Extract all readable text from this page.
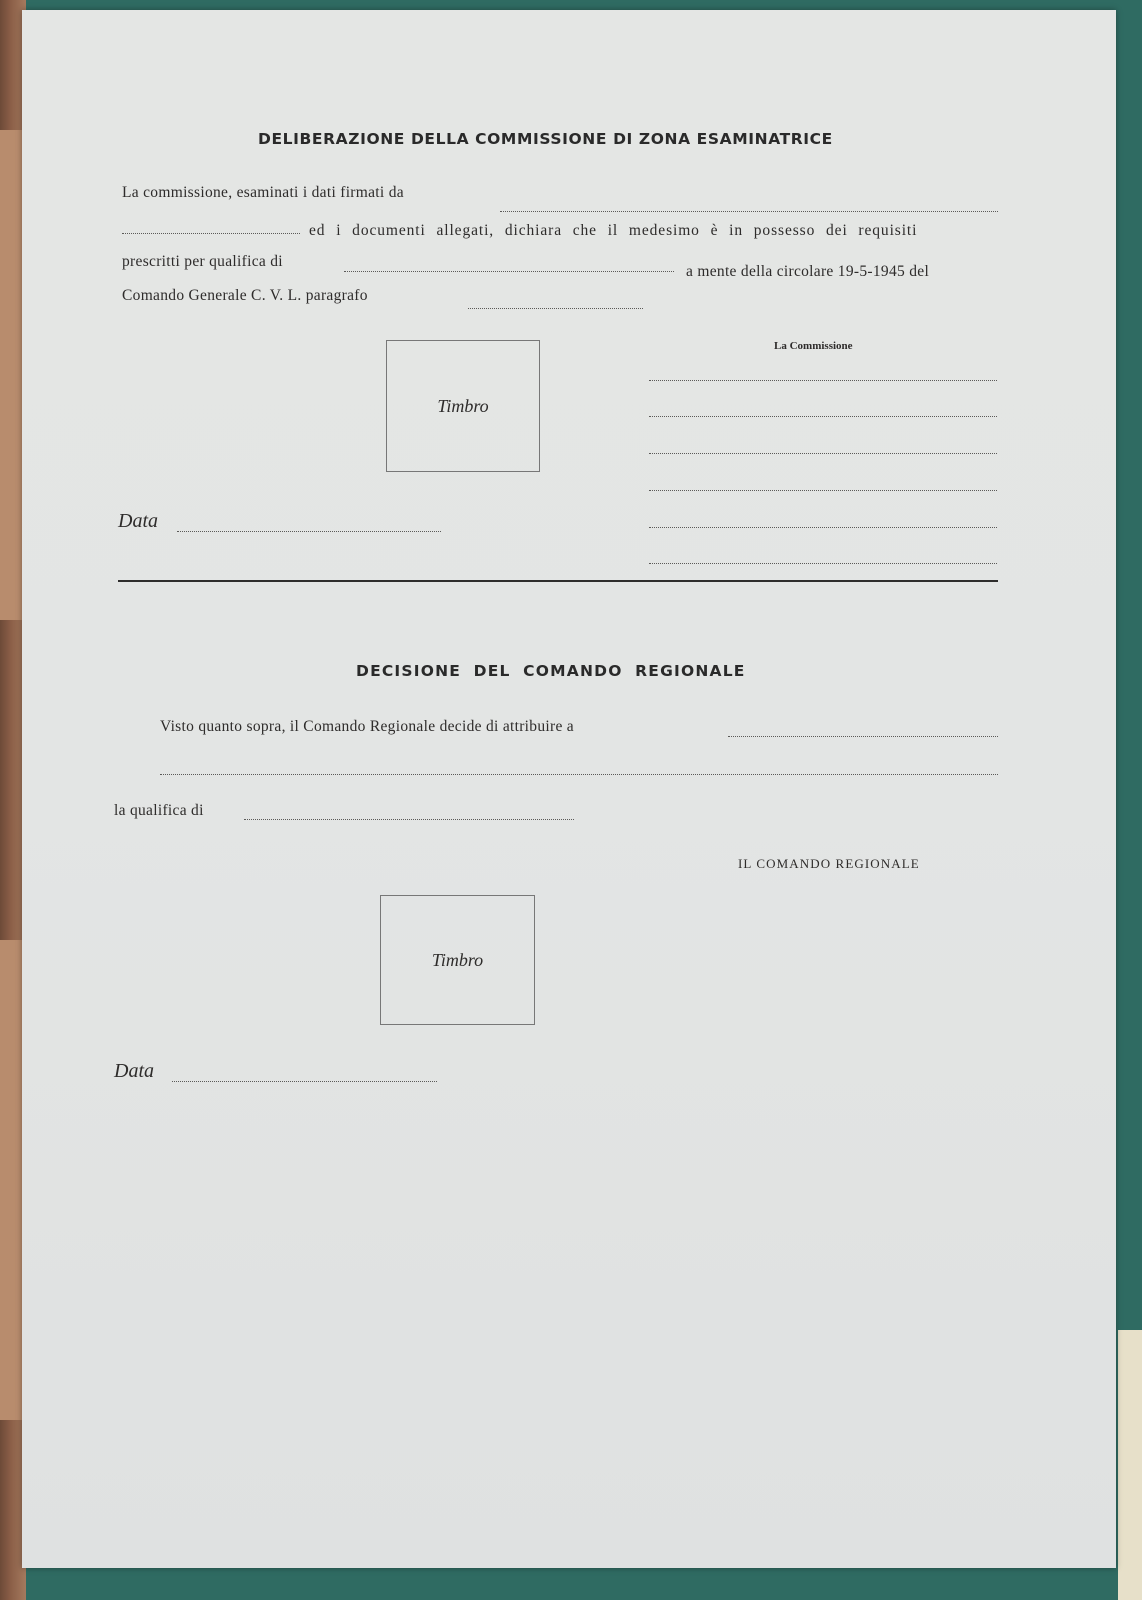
DELIBERAZIONE DELLA COMMISSIONE DI ZONA ESAMINATRICE
La commissione, esaminati i dati firmati da
ed i documenti allegati, dichiara che il medesimo è in possesso dei requisiti
prescritti per qualifica di
a mente della circolare 19-5-1945 del
Comando Generale C. V. L. paragrafo
Timbro
La Commissione
Data
DECISIONE DEL COMANDO REGIONALE
Visto quanto sopra, il Comando Regionale decide di attribuire a
la qualifica di
IL COMANDO REGIONALE
Timbro
Data
